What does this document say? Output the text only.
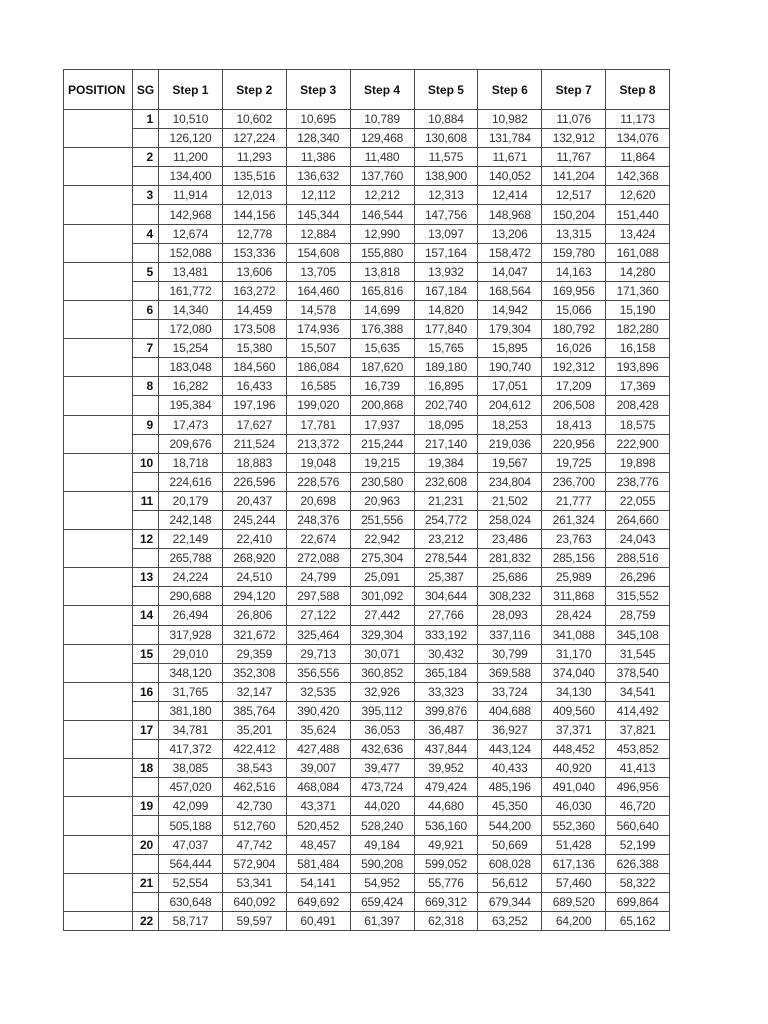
POSITION	SG	Step 1	Step 2	Step 3	Step 4	Step 5	Step 6	Step 7	Step 8
	1	10,510	10,602	10,695	10,789	10,884	10,982	11,076	11,173
		126,120	127,224	128,340	129,468	130,608	131,784	132,912	134,076
	2	11,200	11,293	11,386	11,480	11,575	11,671	11,767	11,864
		134,400	135,516	136,632	137,760	138,900	140,052	141,204	142,368
	3	11,914	12,013	12,112	12,212	12,313	12,414	12,517	12,620
		142,968	144,156	145,344	146,544	147,756	148,968	150,204	151,440
	4	12,674	12,778	12,884	12,990	13,097	13,206	13,315	13,424
		152,088	153,336	154,608	155,880	157,164	158,472	159,780	161,088
	5	13,481	13,606	13,705	13,818	13,932	14,047	14,163	14,280
		161,772	163,272	164,460	165,816	167,184	168,564	169,956	171,360
	6	14,340	14,459	14,578	14,699	14,820	14,942	15,066	15,190
		172,080	173,508	174,936	176,388	177,840	179,304	180,792	182,280
	7	15,254	15,380	15,507	15,635	15,765	15,895	16,026	16,158
		183,048	184,560	186,084	187,620	189,180	190,740	192,312	193,896
	8	16,282	16,433	16,585	16,739	16,895	17,051	17,209	17,369
		195,384	197,196	199,020	200,868	202,740	204,612	206,508	208,428
	9	17,473	17,627	17,781	17,937	18,095	18,253	18,413	18,575
		209,676	211,524	213,372	215,244	217,140	219,036	220,956	222,900
	10	18,718	18,883	19,048	19,215	19,384	19,567	19,725	19,898
		224,616	226,596	228,576	230,580	232,608	234,804	236,700	238,776
	11	20,179	20,437	20,698	20,963	21,231	21,502	21,777	22,055
		242,148	245,244	248,376	251,556	254,772	258,024	261,324	264,660
	12	22,149	22,410	22,674	22,942	23,212	23,486	23,763	24,043
		265,788	268,920	272,088	275,304	278,544	281,832	285,156	288,516
	13	24,224	24,510	24,799	25,091	25,387	25,686	25,989	26,296
		290,688	294,120	297,588	301,092	304,644	308,232	311,868	315,552
	14	26,494	26,806	27,122	27,442	27,766	28,093	28,424	28,759
		317,928	321,672	325,464	329,304	333,192	337,116	341,088	345,108
	15	29,010	29,359	29,713	30,071	30,432	30,799	31,170	31,545
		348,120	352,308	356,556	360,852	365,184	369,588	374,040	378,540
	16	31,765	32,147	32,535	32,926	33,323	33,724	34,130	34,541
		381,180	385,764	390,420	395,112	399,876	404,688	409,560	414,492
	17	34,781	35,201	35,624	36,053	36,487	36,927	37,371	37,821
		417,372	422,412	427,488	432,636	437,844	443,124	448,452	453,852
	18	38,085	38,543	39,007	39,477	39,952	40,433	40,920	41,413
		457,020	462,516	468,084	473,724	479,424	485,196	491,040	496,956
	19	42,099	42,730	43,371	44,020	44,680	45,350	46,030	46,720
		505,188	512,760	520,452	528,240	536,160	544,200	552,360	560,640
	20	47,037	47,742	48,457	49,184	49,921	50,669	51,428	52,199
		564,444	572,904	581,484	590,208	599,052	608,028	617,136	626,388
	21	52,554	53,341	54,141	54,952	55,776	56,612	57,460	58,322
		630,648	640,092	649,692	659,424	669,312	679,344	689,520	699,864
	22	58,717	59,597	60,491	61,397	62,318	63,252	64,200	65,162
